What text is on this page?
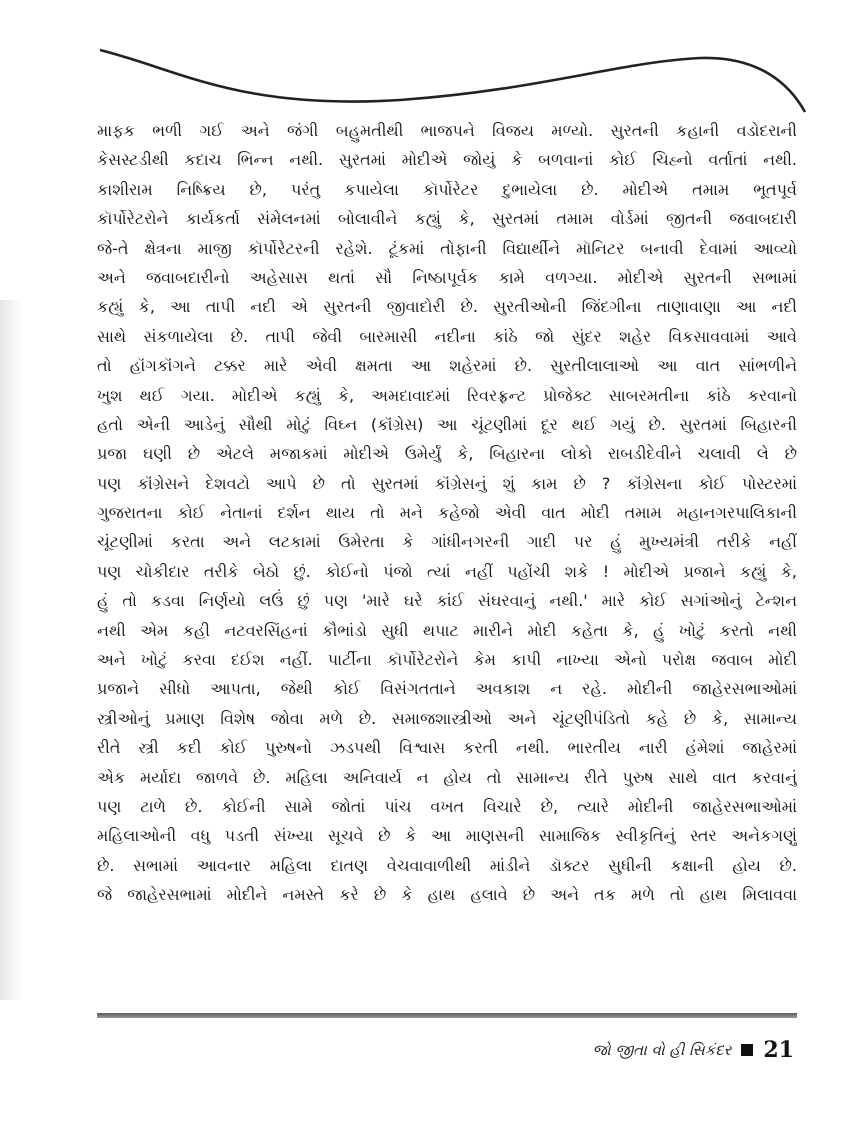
માફક ભળી ગઈ અને જંગી બહુમતીથી ભાજપને વિજય મળ્યો. સુરતની કહાની વડોદરાની
કેસસ્ટડીથી કદાચ ભિન્ન નથી. સુરતમાં મોદીએ જોયું કે બળવાનાં કોઈ ચિહ્નો વર્તાતાં નથી.
કાશીરામ નિષ્ક્રિય છે, પરંતુ કપાયેલા કૉર્પોરેટર દુભાયેલા છે. મોદીએ તમામ ભૂતપૂર્વ
કૉર્પોરેટરોને કાર્યકર્તા સંમેલનમાં બોલાવીને કહ્યું કે, સુરતમાં તમામ વોર્ડમાં જીતની જવાબદારી
જે-તે ક્ષેત્રના માજી કૉર્પોરેટરની રહેશે. ટૂંકમાં તોફાની વિદ્યાર્થીને મૉનિટર બનાવી દેવામાં આવ્યો
અને જવાબદારીનો અહેસાસ થતાં સૌ નિષ્ઠાપૂર્વક કામે વળગ્યા. મોદીએ સુરતની સભામાં
કહ્યું કે, આ તાપી નદી એ સુરતની જીવાદોરી છે. સુરતીઓની જિંદગીના તાણાવાણા આ નદી
સાથે સંકળાયેલા છે. તાપી જેવી બારમાસી નદીના કાંઠે જો સુંદર શહેર વિકસાવવામાં આવે
તો હૉંગકૉંગને ટક્કર મારે એવી ક્ષમતા આ શહેરમાં છે. સુરતીલાલાઓ આ વાત સાંભળીને
ખુશ થઈ ગયા. મોદીએ કહ્યું કે, અમદાવાદમાં રિવરફ્રન્ટ પ્રોજેક્ટ સાબરમતીના કાંઠે કરવાનો
હતો એની આડેનું સૌથી મોટું વિઘ્ન (કૉંગ્રેસ) આ ચૂંટણીમાં દૂર થઈ ગયું છે. સુરતમાં બિહારની
પ્રજા ઘણી છે એટલે મજાકમાં મોદીએ ઉમેર્યું કે, બિહારના લોકો રાબડીદેવીને ચલાવી લે છે
પણ કૉંગ્રેસને દેશવટો આપે છે તો સુરતમાં કૉંગ્રેસનું શું કામ છે ? કૉંગ્રેસના કોઈ પોસ્ટરમાં
ગુજરાતના કોઈ નેતાનાં દર્શન થાય તો મને કહેજો એવી વાત મોદી તમામ મહાનગરપાલિકાની
ચૂંટણીમાં કરતા અને લટકામાં ઉમેરતા કે ગાંધીનગરની ગાદી પર હું મુખ્યમંત્રી તરીકે નહીં
પણ ચોકીદાર તરીકે બેઠો છું. કોઈનો પંજો ત્યાં નહીં પહોંચી શકે ! મોદીએ પ્રજાને કહ્યું કે,
હું તો કડવા નિર્ણયો લઉં છું પણ 'મારે ઘરે કાંઈ સંઘરવાનું નથી.' મારે કોઈ સગાંઓનું ટેન્શન
નથી એમ કહી નટવરસિંહનાં કૌભાંડો સુધી થપાટ મારીને મોદી કહેતા કે, હું ખોટું કરતો નથી
અને ખોટું કરવા દઈશ નહીં. પાર્ટીના કૉર્પોરેટરોને કેમ કાપી નાખ્યા એનો પરોક્ષ જવાબ મોદી
પ્રજાને સીધો આપતા, જેથી કોઈ વિસંગતતાને અવકાશ ન રહે. મોદીની જાહેરસભાઓમાં
સ્ત્રીઓનું પ્રમાણ વિશેષ જોવા મળે છે. સમાજશાસ્ત્રીઓ અને ચૂંટણીપંડિતો કહે છે કે, સામાન્ય
રીતે સ્ત્રી કદી કોઈ પુરુષનો ઝડપથી વિશ્વાસ કરતી નથી. ભારતીય નારી હંમેશાં જાહેરમાં
એક મર્યાદા જાળવે છે. મહિલા અનિવાર્ય ન હોય તો સામાન્ય રીતે પુરુષ સાથે વાત કરવાનું
પણ ટાળે છે. કોઈની સામે જોતાં પાંચ વખત વિચારે છે, ત્યારે મોદીની જાહેરસભાઓમાં
મહિલાઓની વધુ પડતી સંખ્યા સૂચવે છે કે આ માણસની સામાજિક સ્વીકૃતિનું સ્તર અનેકગણું
છે. સભામાં આવનાર મહિલા દાતણ વેચવાવાળીથી માંડીને ડૉક્ટર સુધીની કક્ષાની હોય છે.
જે જાહેરસભામાં મોદીને નમસ્તે કરે છે કે હાથ હલાવે છે અને તક મળે તો હાથ મિલાવવા
જો જીતા વો હી સિકંદર 21
